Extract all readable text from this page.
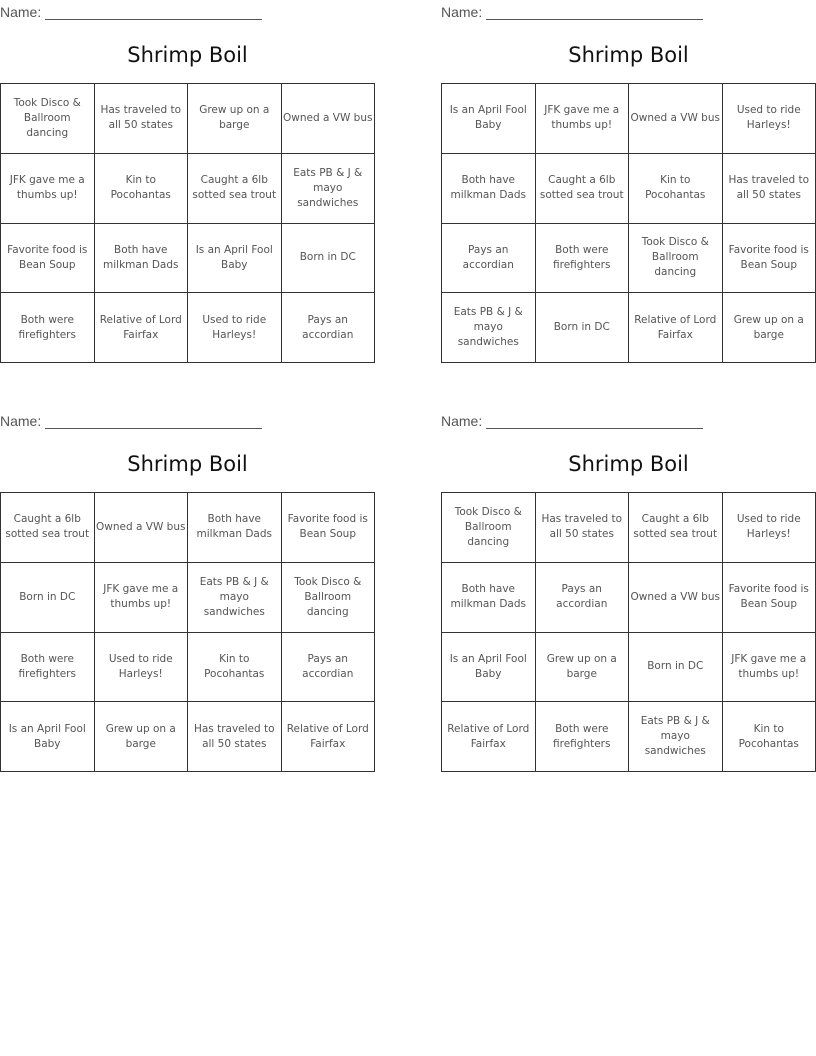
Name:
Shrimp Boil
Took Disco & Ballroom dancing
Has traveled to all 50 states
Grew up on a barge
Owned a VW bus
JFK gave me a thumbs up!
Kin to Pocohantas
Caught a 6lb sotted sea trout
Eats PB & J & mayo sandwiches
Favorite food is Bean Soup
Both have milkman Dads
Is an April Fool Baby
Born in DC
Both were firefighters
Relative of Lord Fairfax
Used to ride Harleys!
Pays an accordian
Name:
Shrimp Boil
Is an April Fool Baby
JFK gave me a thumbs up!
Owned a VW bus
Used to ride Harleys!
Both have milkman Dads
Caught a 6lb sotted sea trout
Kin to Pocohantas
Has traveled to all 50 states
Pays an accordian
Both were firefighters
Took Disco & Ballroom dancing
Favorite food is Bean Soup
Eats PB & J & mayo sandwiches
Born in DC
Relative of Lord Fairfax
Grew up on a barge
Name:
Shrimp Boil
Caught a 6lb sotted sea trout
Owned a VW bus
Both have milkman Dads
Favorite food is Bean Soup
Born in DC
JFK gave me a thumbs up!
Eats PB & J & mayo sandwiches
Took Disco & Ballroom dancing
Both were firefighters
Used to ride Harleys!
Kin to Pocohantas
Pays an accordian
Is an April Fool Baby
Grew up on a barge
Has traveled to all 50 states
Relative of Lord Fairfax
Name:
Shrimp Boil
Took Disco & Ballroom dancing
Has traveled to all 50 states
Caught a 6lb sotted sea trout
Used to ride Harleys!
Both have milkman Dads
Pays an accordian
Owned a VW bus
Favorite food is Bean Soup
Is an April Fool Baby
Grew up on a barge
Born in DC
JFK gave me a thumbs up!
Relative of Lord Fairfax
Both were firefighters
Eats PB & J & mayo sandwiches
Kin to Pocohantas
